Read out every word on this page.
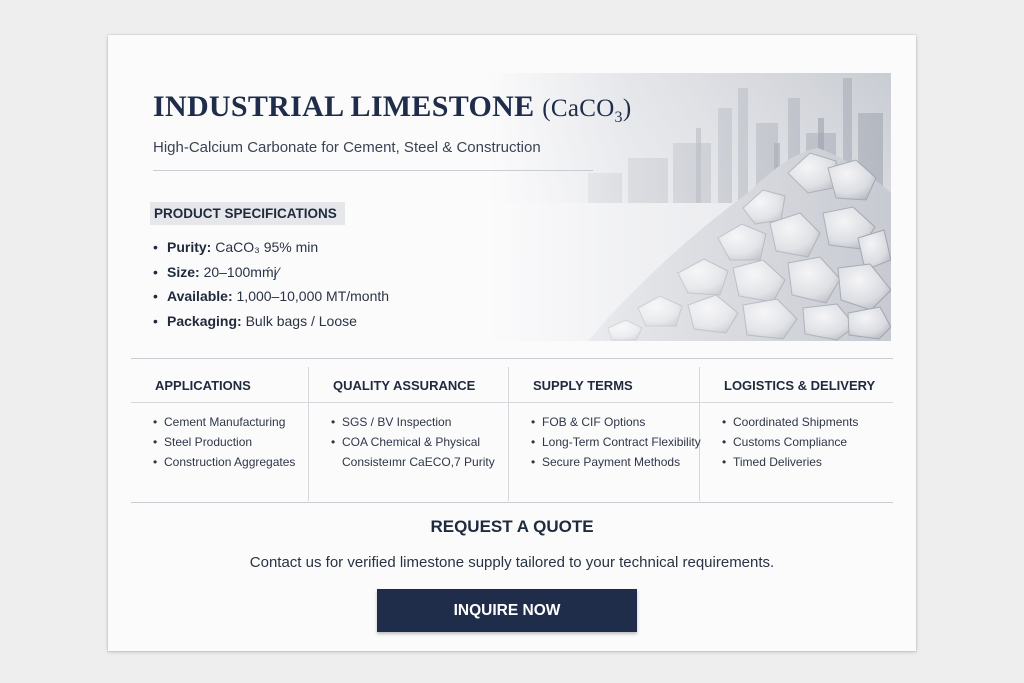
INDUSTRIAL LIMESTONE (CaCO$_3$)
High-Calcium Carbonate for Cement, Steel & Construction
PRODUCT SPECIFICATIONS
• Purity: CaCO₃ 95% min
• Size: 20–100mḿj⁄
• Available: 1,000–10,000 MT/month
• Packaging: Bulk bags / Loose
APPLICATIONS
• Cement Manufacturing
• Steel Production
• Construction Aggregates
QUALITY ASSURANCE
• SGS / BV Inspection
• COA Chemical & Physical
Consisteımr CaECO,7 Purity
SUPPLY TERMS
• FOB & CIF Options
• Long-Term Contract Flexibility
• Secure Payment Methods
LOGISTICS & DELIVERY
• Coordinated Shipments
• Customs Compliance
• Timed Deliveries
REQUEST A QUOTE
Contact us for verified limestone supply tailored to your technical requirements.
INQUIRE NOW
